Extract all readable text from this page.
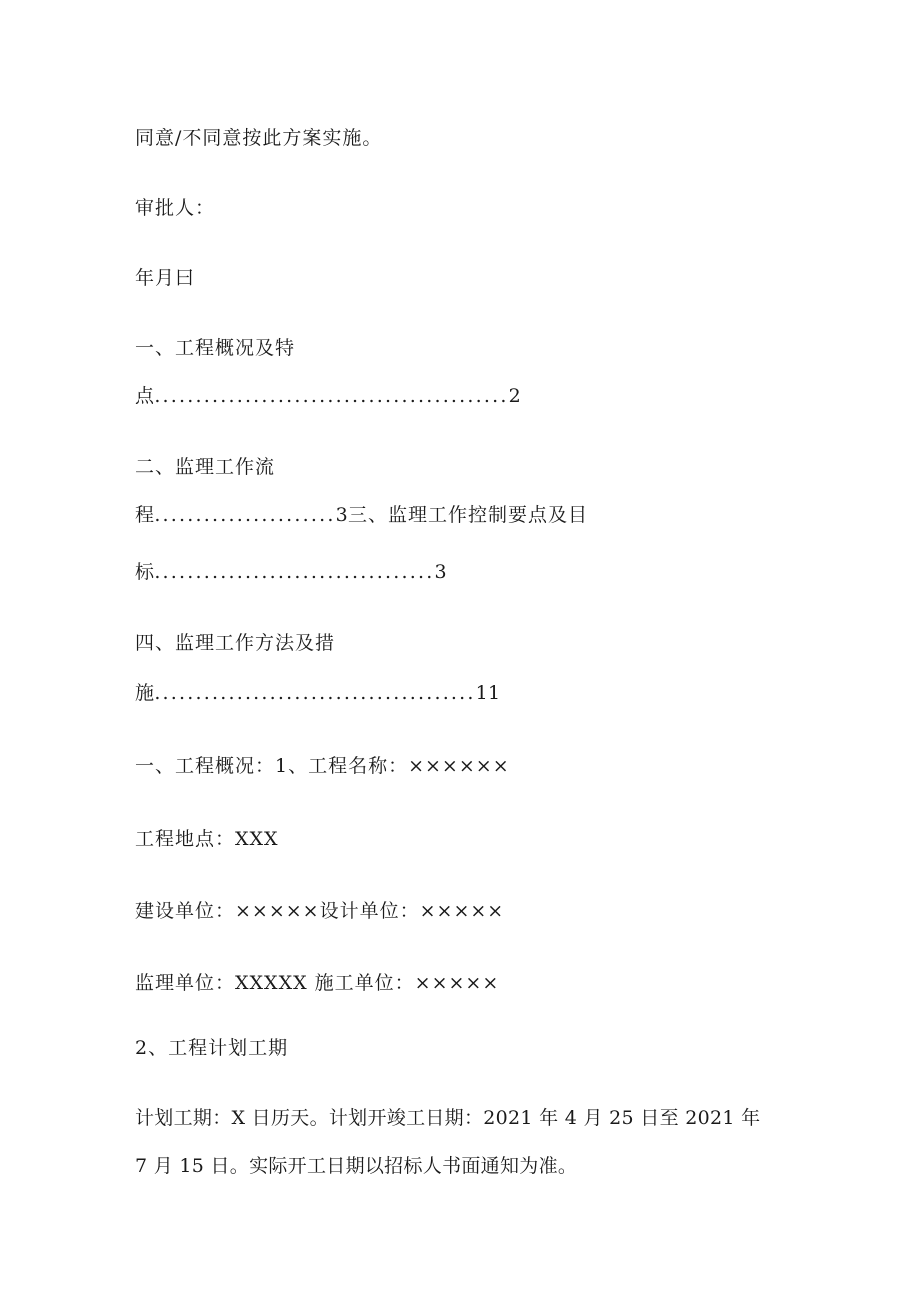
同意/不同意按此方案实施。
审批人：
年月曰
一、工程概况及特
点...........................................2
二、监理工作流
程......................3三、监理工作控制要点及目
标..................................3
四、监理工作方法及措
施.......................................11
一、工程概况：1、工程名称：××××××
工程地点：XXX
建设单位：×××××设计单位：×××××
监理单位：XXXXX 施工单位：×××××
2、工程计划工期
计划工期：X 日历天。计划开竣工日期：2021 年 4 月 25 日至 2021 年
7 月 15 日。实际开工日期以招标人书面通知为准。
